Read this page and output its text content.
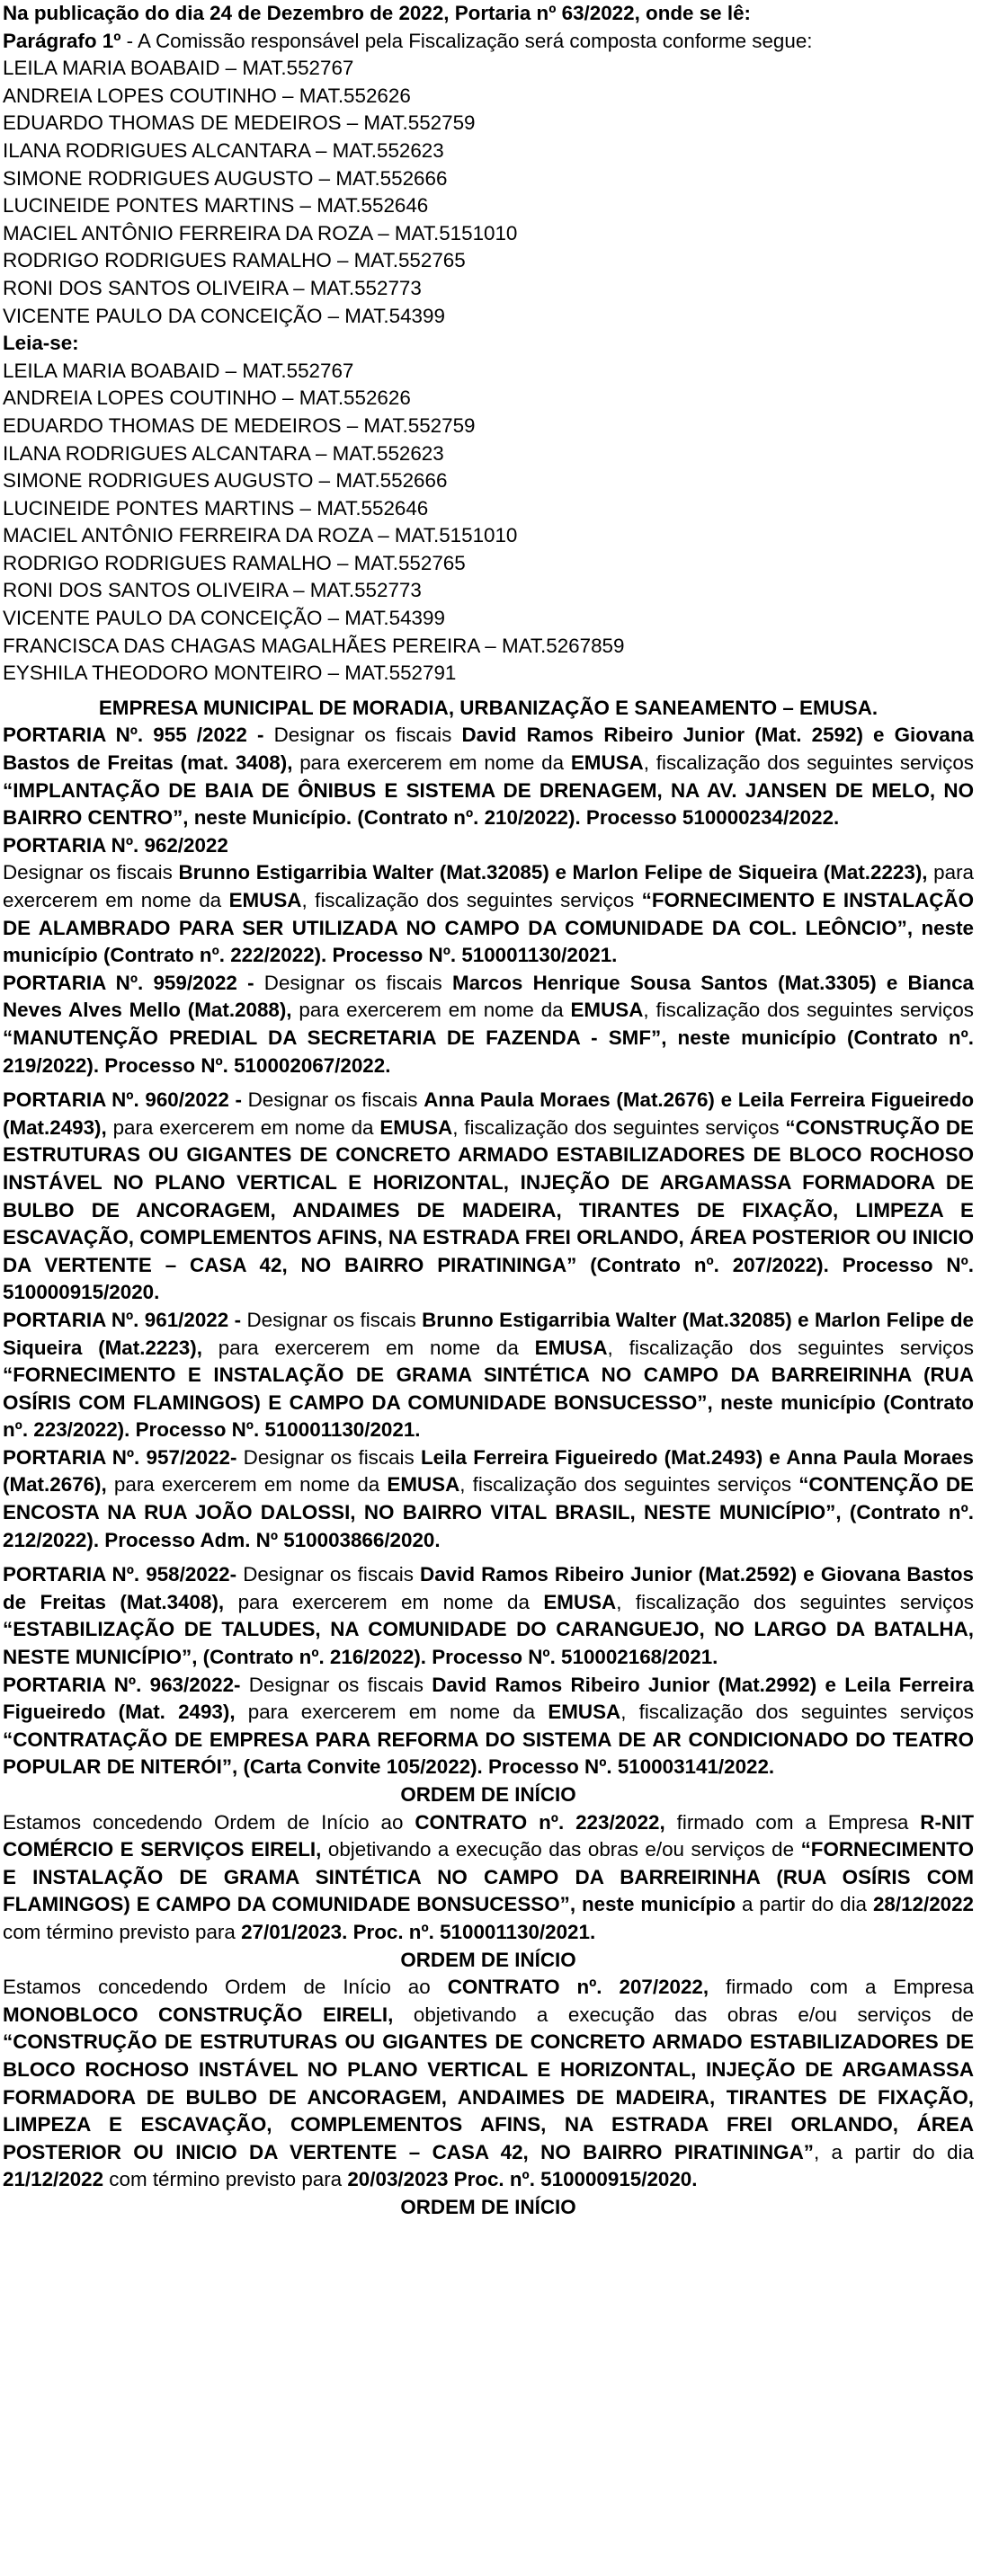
Na publicação do dia 24 de Dezembro de 2022, Portaria nº 63/2022, onde se lê:

Parágrafo 1º - A Comissão responsável pela Fiscalização será composta conforme segue:

LEILA MARIA BOABAID – MAT.552767
ANDREIA LOPES COUTINHO – MAT.552626
EDUARDO THOMAS DE MEDEIROS – MAT.552759
ILANA RODRIGUES ALCANTARA – MAT.552623
SIMONE RODRIGUES AUGUSTO – MAT.552666
LUCINEIDE PONTES MARTINS – MAT.552646
MACIEL ANTÔNIO FERREIRA DA ROZA – MAT.5151010
RODRIGO RODRIGUES RAMALHO – MAT.552765
RONI DOS SANTOS OLIVEIRA – MAT.552773
VICENTE PAULO DA CONCEIÇÃO – MAT.54399
Leia-se:
LEILA MARIA BOABAID – MAT.552767
ANDREIA LOPES COUTINHO – MAT.552626
EDUARDO THOMAS DE MEDEIROS – MAT.552759
ILANA RODRIGUES ALCANTARA – MAT.552623
SIMONE RODRIGUES AUGUSTO – MAT.552666
LUCINEIDE PONTES MARTINS – MAT.552646
MACIEL ANTÔNIO FERREIRA DA ROZA – MAT.5151010
RODRIGO RODRIGUES RAMALHO – MAT.552765
RONI DOS SANTOS OLIVEIRA – MAT.552773
VICENTE PAULO DA CONCEIÇÃO – MAT.54399
FRANCISCA DAS CHAGAS MAGALHÃES PEREIRA – MAT.5267859
EYSHILA THEODORO MONTEIRO – MAT.552791

EMPRESA MUNICIPAL DE MORADIA, URBANIZAÇÃO E SANEAMENTO – EMUSA.

PORTARIA Nº. 955 /2022 - Designar os fiscais David Ramos Ribeiro Junior (Mat. 2592) e Giovana Bastos de Freitas (mat. 3408), para exercerem em nome da EMUSA, fiscalização dos seguintes serviços “IMPLANTAÇÃO DE BAIA DE ÔNIBUS E SISTEMA DE DRENAGEM, NA AV. JANSEN DE MELO, NO BAIRRO CENTRO”, neste Município. (Contrato nº. 210/2022). Processo 510000234/2022.

PORTARIA Nº. 962/2022

Designar os fiscais Brunno Estigarribia Walter (Mat.32085) e Marlon Felipe de Siqueira (Mat.2223), para exercerem em nome da EMUSA, fiscalização dos seguintes serviços “FORNECIMENTO E INSTALAÇÃO DE ALAMBRADO PARA SER UTILIZADA NO CAMPO DA COMUNIDADE DA COL. LEÔNCIO”, neste município (Contrato nº. 222/2022). Processo Nº. 510001130/2021.

PORTARIA Nº. 959/2022 - Designar os fiscais Marcos Henrique Sousa Santos (Mat.3305) e Bianca Neves Alves Mello (Mat.2088), para exercerem em nome da EMUSA, fiscalização dos seguintes serviços “MANUTENÇÃO PREDIAL DA SECRETARIA DE FAZENDA - SMF”, neste município (Contrato nº. 219/2022). Processo Nº. 510002067/2022.

PORTARIA Nº. 960/2022 - Designar os fiscais Anna Paula Moraes (Mat.2676) e Leila Ferreira Figueiredo (Mat.2493), para exercerem em nome da EMUSA, fiscalização dos seguintes serviços “CONSTRUÇÃO DE ESTRUTURAS OU GIGANTES DE CONCRETO ARMADO ESTABILIZADORES DE BLOCO ROCHOSO INSTÁVEL NO PLANO VERTICAL E HORIZONTAL, INJEÇÃO DE ARGAMASSA FORMADORA DE BULBO DE ANCORAGEM, ANDAIMES DE MADEIRA, TIRANTES DE FIXAÇÃO, LIMPEZA E ESCAVAÇÃO, COMPLEMENTOS AFINS, NA ESTRADA FREI ORLANDO, ÁREA POSTERIOR OU INICIO DA VERTENTE – CASA 42, NO BAIRRO PIRATININGA” (Contrato nº. 207/2022). Processo Nº. 510000915/2020.

PORTARIA Nº. 961/2022 - Designar os fiscais Brunno Estigarribia Walter (Mat.32085) e Marlon Felipe de Siqueira (Mat.2223), para exercerem em nome da EMUSA, fiscalização dos seguintes serviços “FORNECIMENTO E INSTALAÇÃO DE GRAMA SINTÉTICA NO CAMPO DA BARREIRINHA (RUA OSÍRIS COM FLAMINGOS) E CAMPO DA COMUNIDADE BONSUCESSO”, neste município (Contrato nº. 223/2022). Processo Nº. 510001130/2021.

PORTARIA Nº. 957/2022- Designar os fiscais Leila Ferreira Figueiredo (Mat.2493) e Anna Paula Moraes (Mat.2676), para exercerem em nome da EMUSA, fiscalização dos seguintes serviços “CONTENÇÃO DE ENCOSTA NA RUA JOÃO DALOSSI, NO BAIRRO VITAL BRASIL, NESTE MUNICÍPIO”, (Contrato nº. 212/2022). Processo Adm. Nº 510003866/2020.

PORTARIA Nº. 958/2022- Designar os fiscais David Ramos Ribeiro Junior (Mat.2592) e Giovana Bastos de Freitas (Mat.3408), para exercerem em nome da EMUSA, fiscalização dos seguintes serviços “ESTABILIZAÇÃO DE TALUDES, NA COMUNIDADE DO CARANGUEJO, NO LARGO DA BATALHA, NESTE MUNICÍPIO”, (Contrato nº. 216/2022). Processo Nº. 510002168/2021.

PORTARIA Nº. 963/2022- Designar os fiscais David Ramos Ribeiro Junior (Mat.2992) e Leila Ferreira Figueiredo (Mat. 2493), para exercerem em nome da EMUSA, fiscalização dos seguintes serviços “CONTRATAÇÃO DE EMPRESA PARA REFORMA DO SISTEMA DE AR CONDICIONADO DO TEATRO POPULAR DE NITERÓI”, (Carta Convite 105/2022). Processo Nº. 510003141/2022.

ORDEM DE INÍCIO

Estamos concedendo Ordem de Início ao CONTRATO nº. 223/2022, firmado com a Empresa R-NIT COMÉRCIO E SERVIÇOS EIRELI, objetivando a execução das obras e/ou serviços de “FORNECIMENTO E INSTALAÇÃO DE GRAMA SINTÉTICA NO CAMPO DA BARREIRINHA (RUA OSÍRIS COM FLAMINGOS) E CAMPO DA COMUNIDADE BONSUCESSO”, neste município a partir do dia 28/12/2022 com término previsto para 27/01/2023. Proc. nº. 510001130/2021.

ORDEM DE INÍCIO

Estamos concedendo Ordem de Início ao CONTRATO nº. 207/2022, firmado com a Empresa MONOBLOCO CONSTRUÇÃO EIRELI, objetivando a execução das obras e/ou serviços de “CONSTRUÇÃO DE ESTRUTURAS OU GIGANTES DE CONCRETO ARMADO ESTABILIZADORES DE BLOCO ROCHOSO INSTÁVEL NO PLANO VERTICAL E HORIZONTAL, INJEÇÃO DE ARGAMASSA FORMADORA DE BULBO DE ANCORAGEM, ANDAIMES DE MADEIRA, TIRANTES DE FIXAÇÃO, LIMPEZA E ESCAVAÇÃO, COMPLEMENTOS AFINS, NA ESTRADA FREI ORLANDO, ÁREA POSTERIOR OU INICIO DA VERTENTE – CASA 42, NO BAIRRO PIRATININGA”, a partir do dia 21/12/2022 com término previsto para 20/03/2023 Proc. nº. 510000915/2020.

ORDEM DE INÍCIO
